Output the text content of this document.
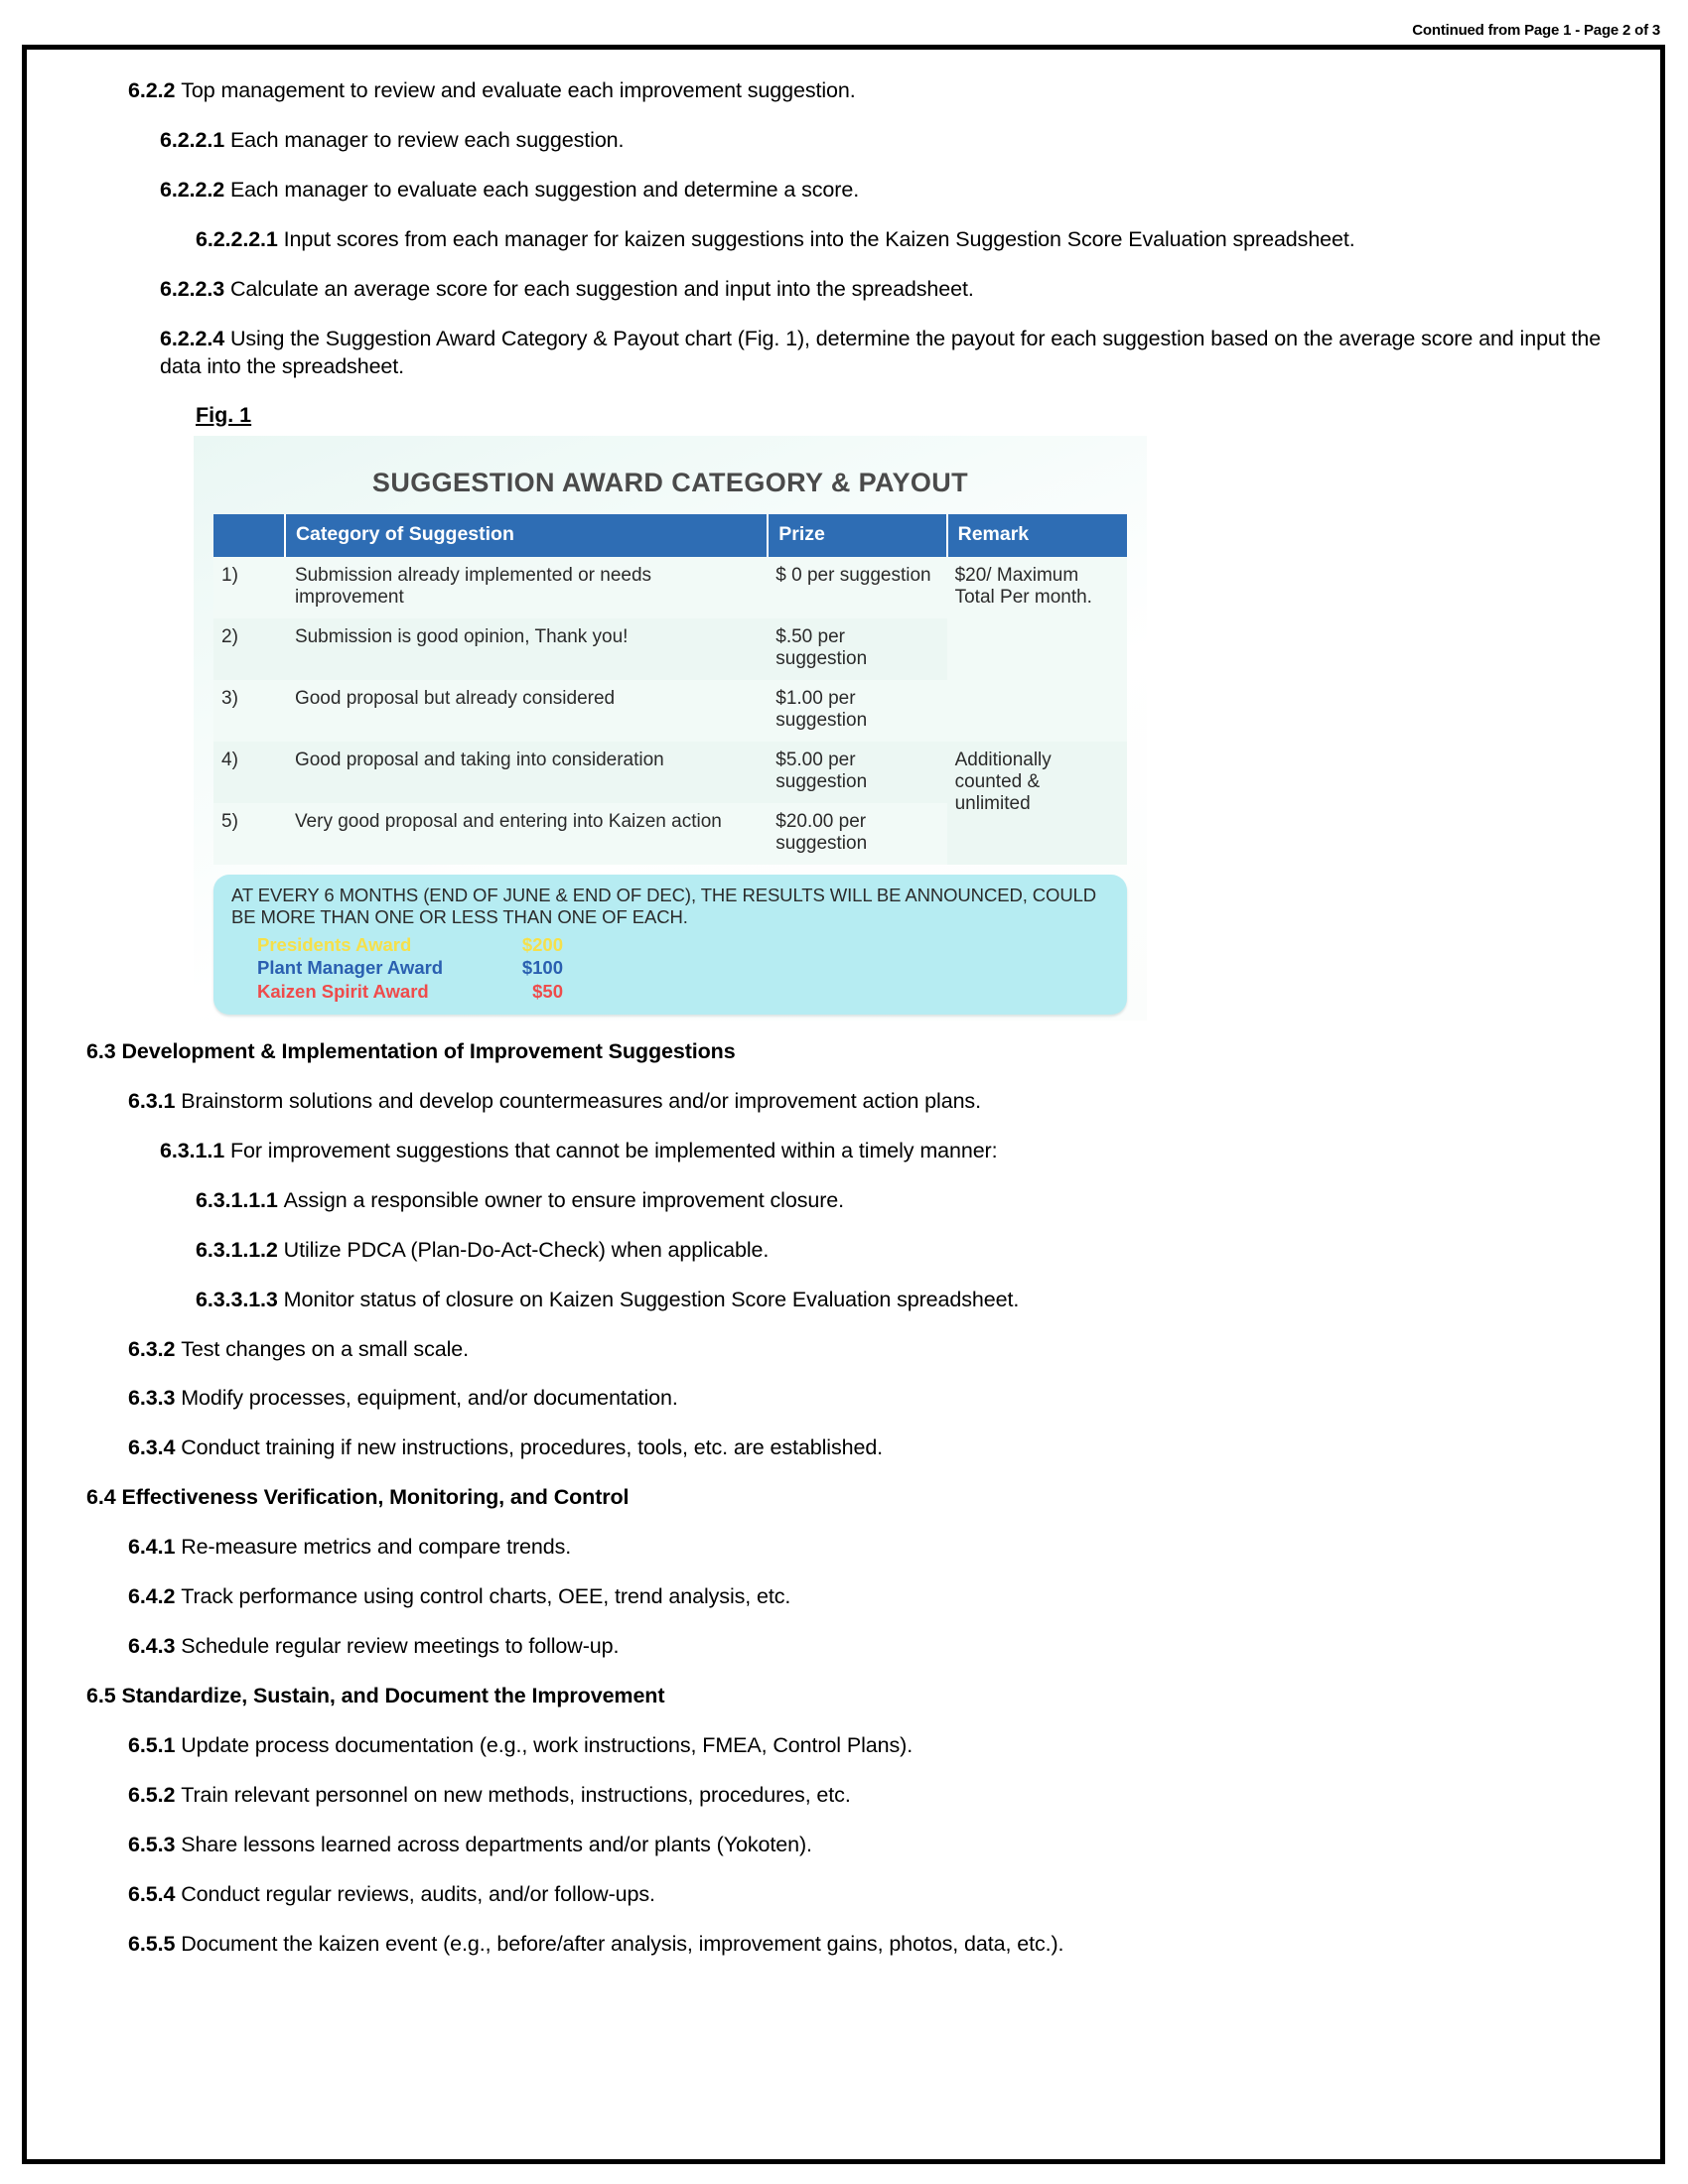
Continued from Page 1 - Page 2 of 3

6.2.2 Top management to review and evaluate each improvement suggestion.

6.2.2.1 Each manager to review each suggestion.

6.2.2.2 Each manager to evaluate each suggestion and determine a score.

6.2.2.2.1 Input scores from each manager for kaizen suggestions into the Kaizen Suggestion Score Evaluation spreadsheet.

6.2.2.3 Calculate an average score for each suggestion and input into the spreadsheet.

6.2.2.4 Using the Suggestion Award Category & Payout chart (Fig. 1), determine the payout for each suggestion based on the average score and input the data into the spreadsheet.

Fig. 1
SUGGESTION AWARD CATEGORY & PAYOUT
	Category of Suggestion	Prize	Remark
1)	Submission already implemented or needs improvement	$ 0 per suggestion	$20/ Maximum Total Per month.
2)	Submission is good opinion, Thank you!	$.50 per suggestion	
3)	Good proposal but already considered	$1.00 per suggestion	
4)	Good proposal and taking into consideration	$5.00 per suggestion	Additionally counted & unlimited
5)	Very good proposal and entering into Kaizen action	$20.00 per suggestion	
AT EVERY 6 MONTHS (END OF JUNE & END OF DEC), THE RESULTS WILL BE ANNOUNCED, COULD BE MORE THAN ONE OR LESS THAN ONE OF EACH.
Presidents Award	$200
Plant Manager Award	$100
Kaizen Spirit Award	$50

6.3 Development & Implementation of Improvement Suggestions

6.3.1 Brainstorm solutions and develop countermeasures and/or improvement action plans.

6.3.1.1 For improvement suggestions that cannot be implemented within a timely manner:

6.3.1.1.1 Assign a responsible owner to ensure improvement closure.

6.3.1.1.2 Utilize PDCA (Plan-Do-Act-Check) when applicable.

6.3.3.1.3 Monitor status of closure on Kaizen Suggestion Score Evaluation spreadsheet.

6.3.2 Test changes on a small scale.

6.3.3 Modify processes, equipment, and/or documentation.

6.3.4 Conduct training if new instructions, procedures, tools, etc. are established.

6.4 Effectiveness Verification, Monitoring, and Control

6.4.1 Re-measure metrics and compare trends.

6.4.2 Track performance using control charts, OEE, trend analysis, etc.

6.4.3 Schedule regular review meetings to follow-up.

6.5 Standardize, Sustain, and Document the Improvement

6.5.1 Update process documentation (e.g., work instructions, FMEA, Control Plans).

6.5.2 Train relevant personnel on new methods, instructions, procedures, etc.

6.5.3 Share lessons learned across departments and/or plants (Yokoten).

6.5.4 Conduct regular reviews, audits, and/or follow-ups.

6.5.5 Document the kaizen event (e.g., before/after analysis, improvement gains, photos, data, etc.).
